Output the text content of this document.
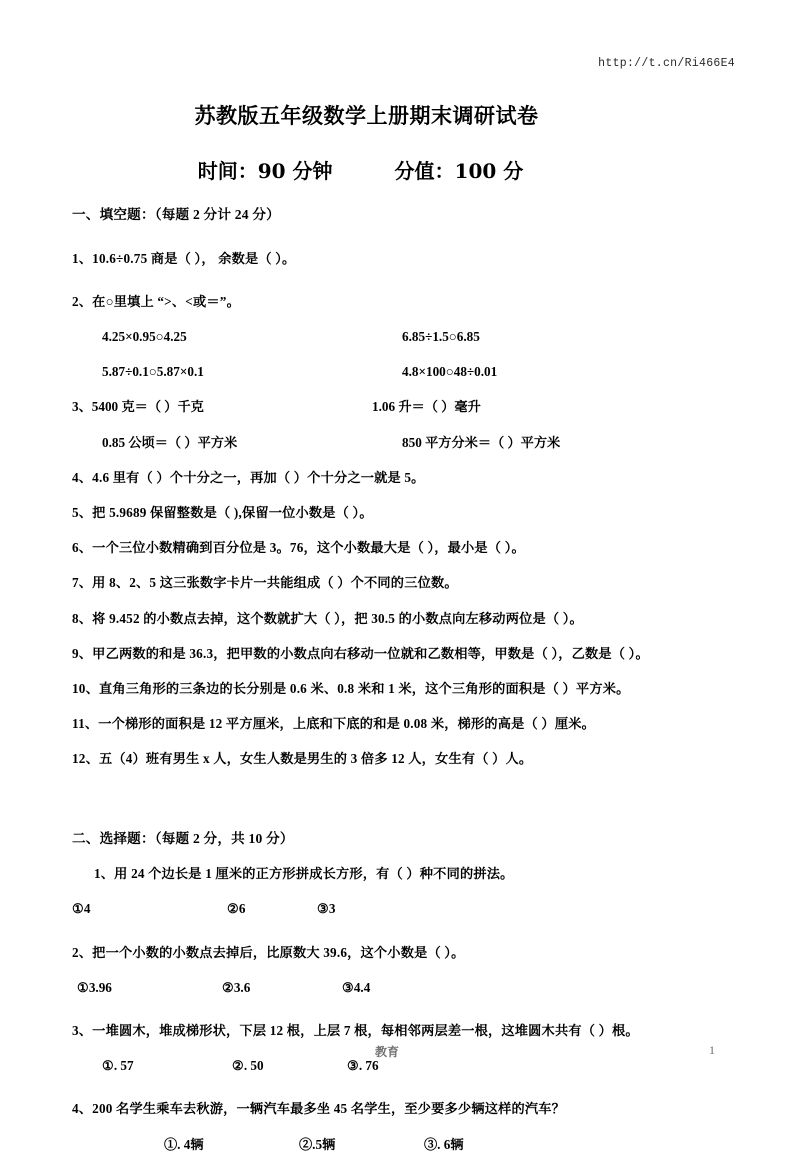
http://t.cn/Ri466E4
苏教版五年级数学上册期末调研试卷
时间：90 分钟	分值：100 分
一、填空题：（每题 2 分计 24 分）
1、10.6÷0.75 商是（ ）， 余数是（ ）。
2、在○里填上 “>、<或＝”。
4.25×0.95○4.25	6.85÷1.5○6.85
5.87÷0.1○5.87×0.1	4.8×100○48÷0.01
3、5400 克＝（ ）千克	1.06 升＝（ ）毫升
0.85 公顷＝（ ）平方米	850 平方分米＝（ ）平方米
4、4.6 里有（ ）个十分之一，再加（ ）个十分之一就是 5。
5、把 5.9689 保留整数是（ ),保留一位小数是（ ）。
6、一个三位小数精确到百分位是 3。76，这个小数最大是（ ），最小是（ ）。
7、用 8、2、5 这三张数字卡片一共能组成（ ）个不同的三位数。
8、将 9.452 的小数点去掉，这个数就扩大（ ），把 30.5 的小数点向左移动两位是（ ）。
9、甲乙两数的和是 36.3，把甲数的小数点向右移动一位就和乙数相等，甲数是（ ），乙数是（ ）。
10、直角三角形的三条边的长分别是 0.6 米、0.8 米和 1 米，这个三角形的面积是（ ）平方米。
11、一个梯形的面积是 12 平方厘米，上底和下底的和是 0.08 米，梯形的高是（ ）厘米。
12、五（4）班有男生 x 人，女生人数是男生的 3 倍多 12 人，女生有（ ）人。
二、选择题：（每题 2 分，共 10 分）
1、用 24 个边长是 1 厘米的正方形拼成长方形，有（ ）种不同的拼法。
①4	②6	③3
2、把一个小数的小数点去掉后，比原数大 39.6，这个小数是（ ）。
①3.96	②3.6	③4.4
3、一堆圆木，堆成梯形状，下层 12 根，上层 7 根，每相邻两层差一根，这堆圆木共有（ ）根。
①. 57	②. 50	③. 76
4、200 名学生乘车去秋游，一辆汽车最多坐 45 名学生，至少要多少辆这样的汽车？
①. 4辆	②.5辆	③. 6辆
教育	1
